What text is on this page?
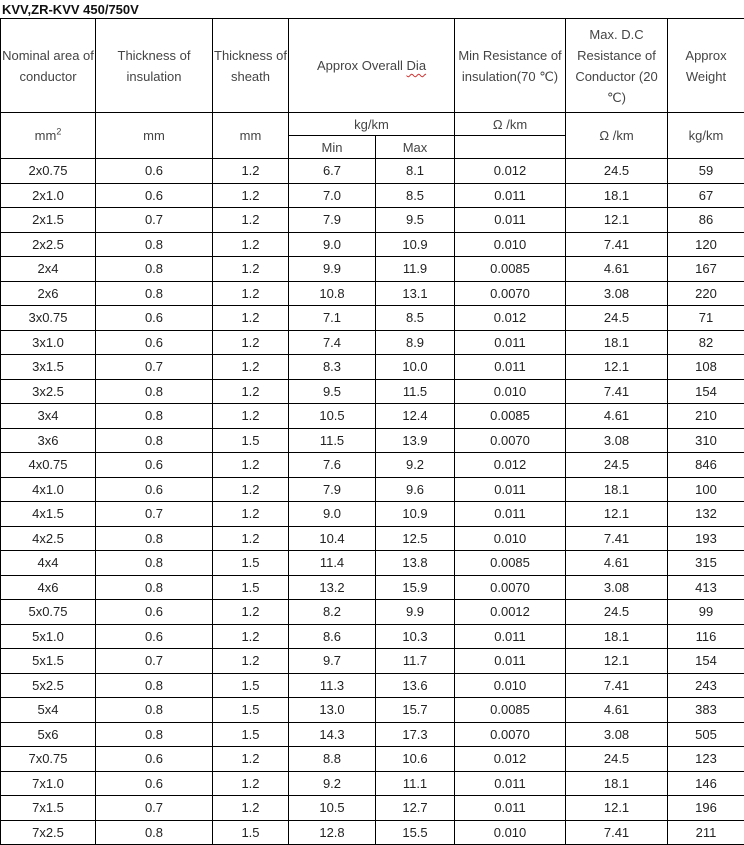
KVV,ZR-KVV 450/750V
Nominal area of conductor	Thickness of insulation	Thickness of sheath	Approx Overall Dia		Min Resistance of insulation(70 ℃)	Max. D.C Resistance of Conductor (20 ℃)	Approx Weight
$mm^2$	mm	mm	kg/km		Ω /km	Ω /km	kg/km
			Min	Max			
2x0.75	0.6	1.2	6.7	8.1	0.012	24.5	59
2x1.0	0.6	1.2	7.0	8.5	0.011	18.1	67
2x1.5	0.7	1.2	7.9	9.5	0.011	12.1	86
2x2.5	0.8	1.2	9.0	10.9	0.010	7.41	120
2x4	0.8	1.2	9.9	11.9	0.0085	4.61	167
2x6	0.8	1.2	10.8	13.1	0.0070	3.08	220
3x0.75	0.6	1.2	7.1	8.5	0.012	24.5	71
3x1.0	0.6	1.2	7.4	8.9	0.011	18.1	82
3x1.5	0.7	1.2	8.3	10.0	0.011	12.1	108
3x2.5	0.8	1.2	9.5	11.5	0.010	7.41	154
3x4	0.8	1.2	10.5	12.4	0.0085	4.61	210
3x6	0.8	1.5	11.5	13.9	0.0070	3.08	310
4x0.75	0.6	1.2	7.6	9.2	0.012	24.5	846
4x1.0	0.6	1.2	7.9	9.6	0.011	18.1	100
4x1.5	0.7	1.2	9.0	10.9	0.011	12.1	132
4x2.5	0.8	1.2	10.4	12.5	0.010	7.41	193
4x4	0.8	1.5	11.4	13.8	0.0085	4.61	315
4x6	0.8	1.5	13.2	15.9	0.0070	3.08	413
5x0.75	0.6	1.2	8.2	9.9	0.0012	24.5	99
5x1.0	0.6	1.2	8.6	10.3	0.011	18.1	116
5x1.5	0.7	1.2	9.7	11.7	0.011	12.1	154
5x2.5	0.8	1.5	11.3	13.6	0.010	7.41	243
5x4	0.8	1.5	13.0	15.7	0.0085	4.61	383
5x6	0.8	1.5	14.3	17.3	0.0070	3.08	505
7x0.75	0.6	1.2	8.8	10.6	0.012	24.5	123
7x1.0	0.6	1.2	9.2	11.1	0.011	18.1	146
7x1.5	0.7	1.2	10.5	12.7	0.011	12.1	196
7x2.5	0.8	1.5	12.8	15.5	0.010	7.41	211
